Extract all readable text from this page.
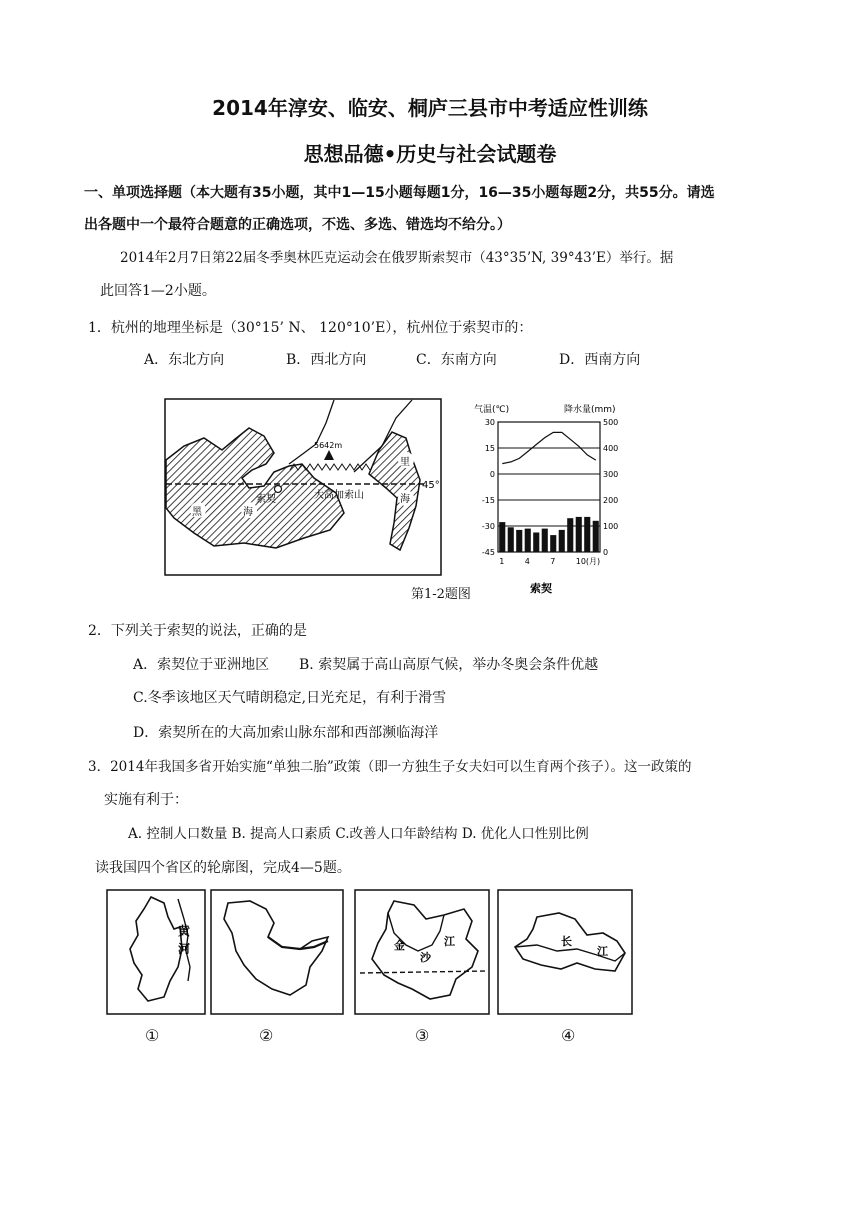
2014年淳安、临安、桐庐三县市中考适应性训练
思想品德•历史与社会试题卷
一、单项选择题（本大题有35小题，其中1—15小题每题1分，16—35小题每题2分，共55分。请选
出各题中一个最符合题意的正确选项，不选、多选、错选均不给分。）
2014年2月7日第22届冬季奥林匹克运动会在俄罗斯索契市（43°35’N, 39°43’E）举行。据
此回答1—2小题。
1．杭州的地理坐标是（30°15’ N、 120°10’E），杭州位于索契市的：
A．东北方向	B．西北方向	C．东南方向	D．西南方向
黑	海
里
海
索契
45°
5642m
大高加索山
气温(℃)	降水量(mm)
30
15
0
-15
-30
-45
500
400
300
200
100
0
1	4	7	10(月)
索契
第1-2题图
2．下列关于索契的说法，正确的是
A．索契位于亚洲地区 B. 索契属于高山高原气候，举办冬奥会条件优越
C.冬季该地区天气晴朗稳定,日光充足，有利于滑雪
D．索契所在的大高加索山脉东部和西部濒临海洋
3．2014年我国多省开始实施“单独二胎”政策（即一方独生子女夫妇可以生育两个孩子）。这一政策的
实施有利于：
A. 控制人口数量 B. 提高人口素质 C.改善人口年龄结构 D. 优化人口性别比例
读我国四个省区的轮廓图，完成4—5题。
黄
河	金
沙
江	长
江
①	②	③	④
